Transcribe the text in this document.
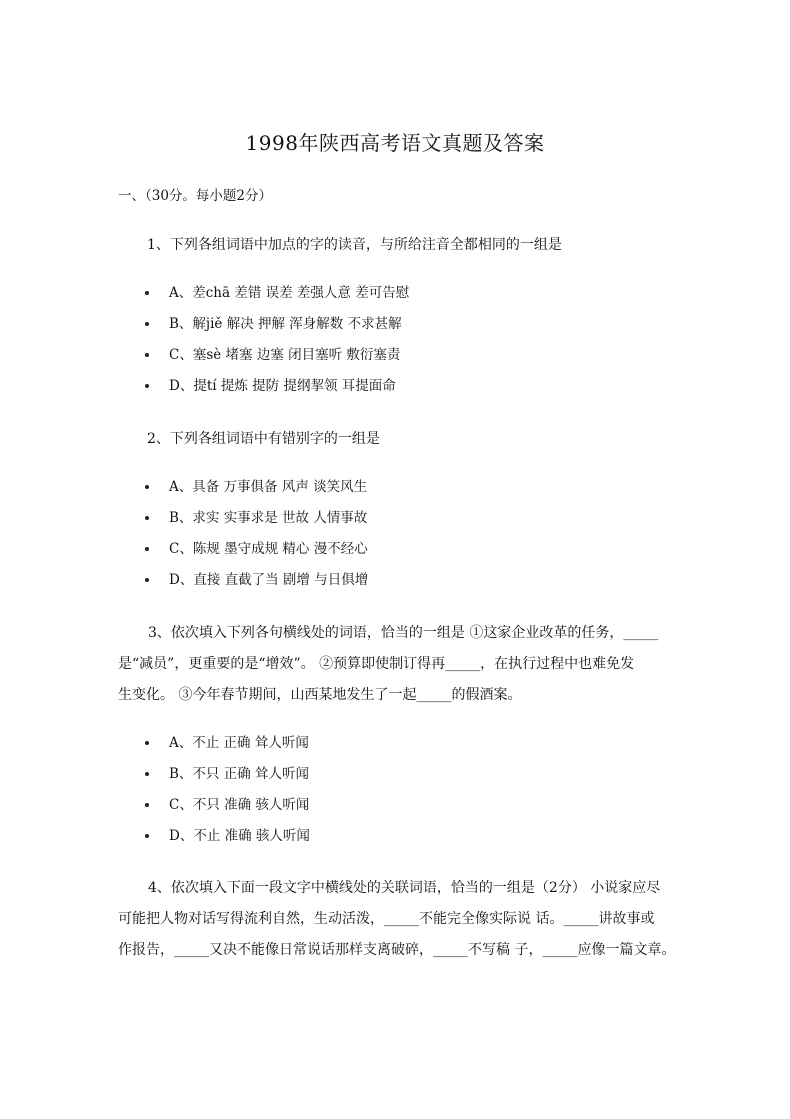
1998年陕西高考语文真题及答案
一、（30分。每小题2分）
1、下列各组词语中加点的字的读音，与所给注音全都相同的一组是
A、差chā 差错 误差 差强人意 差可告慰
B、解jiě 解决 押解 浑身解数 不求甚解
C、塞sè 堵塞 边塞 闭目塞听 敷衍塞责
D、提tí 提炼 提防 提纲挈领 耳提面命
2、下列各组词语中有错别字的一组是
A、具备 万事俱备 风声 谈笑风生
B、求实 实事求是 世故 人情事故
C、陈规 墨守成规 精心 漫不经心
D、直接 直截了当 剧增 与日俱增
3、依次填入下列各句横线处的词语，恰当的一组是 ①这家企业改革的任务，_____
是“减员”，更重要的是“增效”。 ②预算即使制订得再_____，在执行过程中也难免发
生变化。 ③今年春节期间，山西某地发生了一起_____的假酒案。
A、不止 正确 耸人听闻
B、不只 正确 耸人听闻
C、不只 准确 骇人听闻
D、不止 准确 骇人听闻
4、依次填入下面一段文字中横线处的关联词语，恰当的一组是（2分） 小说家应尽
可能把人物对话写得流利自然，生动活泼，_____不能完全像实际说 话。_____讲故事或
作报告，_____又决不能像日常说话那样支离破碎，_____不写稿 子，_____应像一篇文章。
